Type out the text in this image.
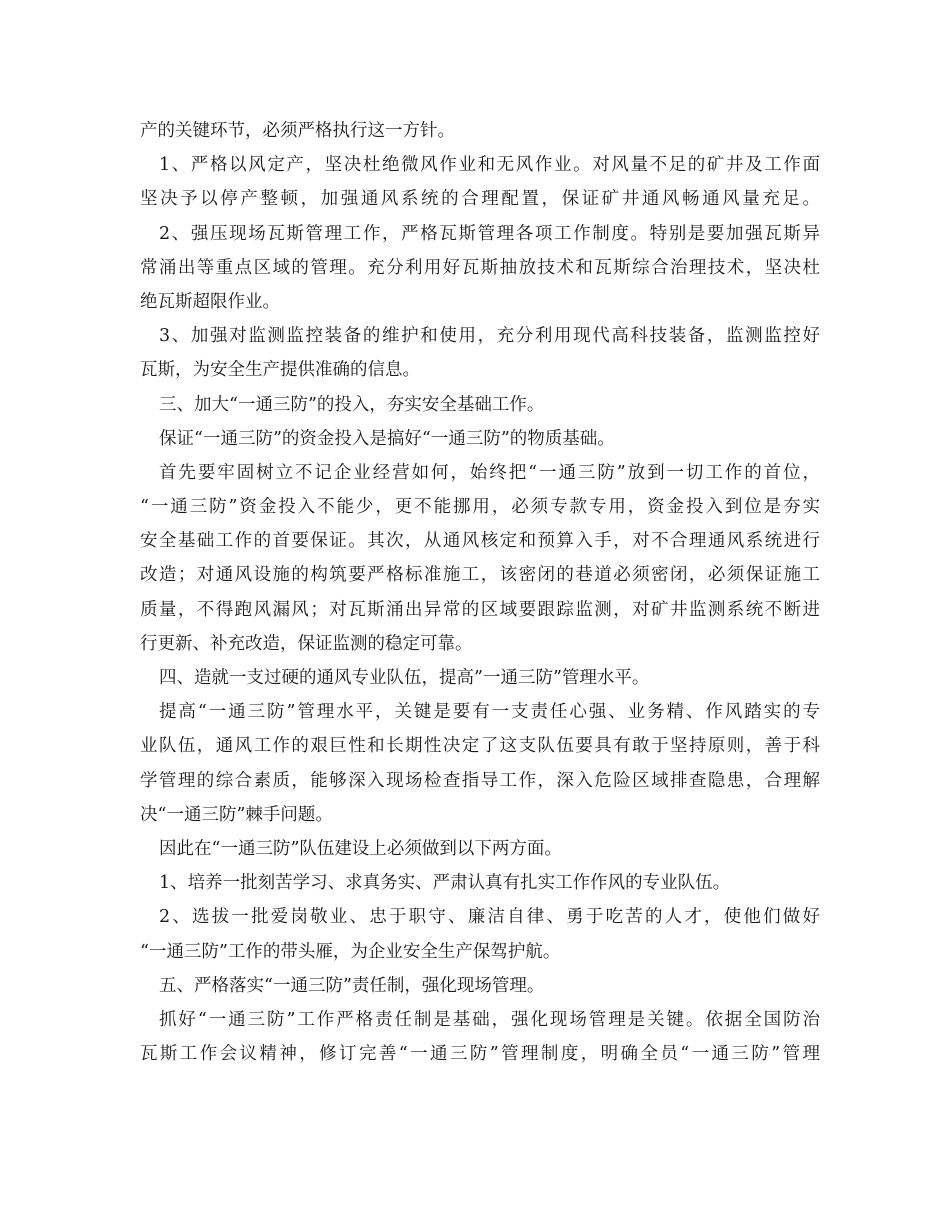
产的关键环节，必须严格执行这一方针。
1、严格以风定产，坚决杜绝微风作业和无风作业。对风量不足的矿井及工作面
坚决予以停产整顿，加强通风系统的合理配置，保证矿井通风畅通风量充足。
2、强压现场瓦斯管理工作，严格瓦斯管理各项工作制度。特别是要加强瓦斯异
常涌出等重点区域的管理。充分利用好瓦斯抽放技术和瓦斯综合治理技术，坚决杜
绝瓦斯超限作业。
3、加强对监测监控装备的维护和使用，充分利用现代高科技装备，监测监控好
瓦斯，为安全生产提供准确的信息。
三、加大“一通三防”的投入，夯实安全基础工作。
保证“一通三防”的资金投入是搞好“一通三防”的物质基础。
首先要牢固树立不记企业经营如何，始终把“一通三防”放到一切工作的首位，
“一通三防”资金投入不能少，更不能挪用，必须专款专用，资金投入到位是夯实
安全基础工作的首要保证。其次，从通风核定和预算入手，对不合理通风系统进行
改造；对通风设施的构筑要严格标准施工，该密闭的巷道必须密闭，必须保证施工
质量，不得跑风漏风；对瓦斯涌出异常的区域要跟踪监测，对矿井监测系统不断进
行更新、补充改造，保证监测的稳定可靠。
四、造就一支过硬的通风专业队伍，提高”一通三防”管理水平。
提高“一通三防”管理水平，关键是要有一支责任心强、业务精、作风踏实的专
业队伍，通风工作的艰巨性和长期性决定了这支队伍要具有敢于坚持原则，善于科
学管理的综合素质，能够深入现场检查指导工作，深入危险区域排查隐患，合理解
决“一通三防”棘手问题。
因此在“一通三防”队伍建设上必须做到以下两方面。
1、培养一批刻苦学习、求真务实、严肃认真有扎实工作作风的专业队伍。
2、选拔一批爱岗敬业、忠于职守、廉洁自律、勇于吃苦的人才，使他们做好
“一通三防”工作的带头雁，为企业安全生产保驾护航。
五、严格落实“一通三防”责任制，强化现场管理。
抓好“一通三防”工作严格责任制是基础，强化现场管理是关键。依据全国防治
瓦斯工作会议精神，修订完善“一通三防”管理制度，明确全员“一通三防”管理
